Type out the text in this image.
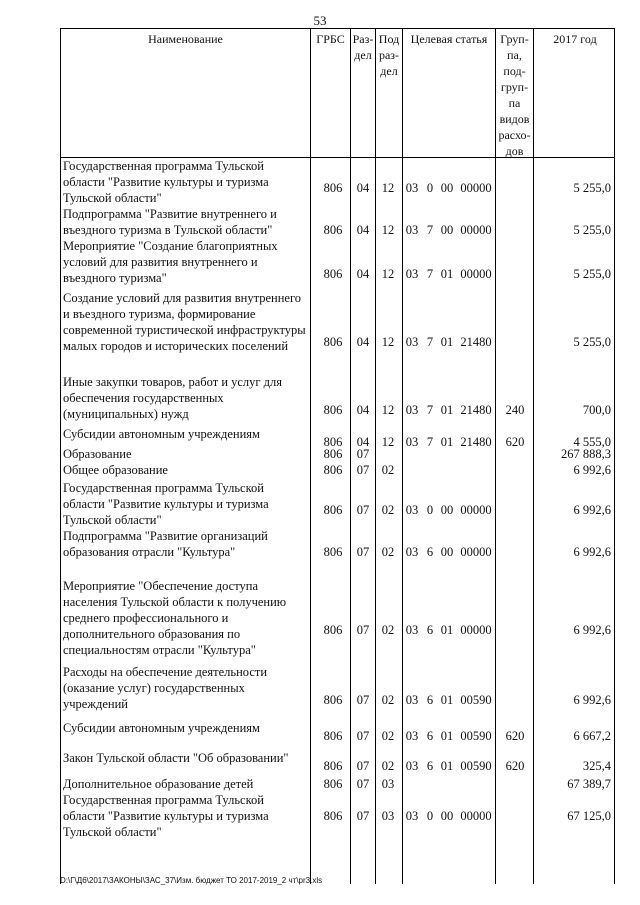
53
Наименование	ГРБС Раз-
дел
Под
раз-
дел
Целевая статья	Груп-
па,
под-
груп-
па
видов
расхо-
дов
2017 год
Государственная программа Тульской области "Развитие культуры и туризма Тульской области"
806	04	12 03 0 00 00000	5 255,0
Подпрограмма "Развитие внутреннего и въездного туризма в Тульской области"	806	04	12 03 7 00 00000	5 255,0
Мероприятие "Создание благоприятных условий для развития внутреннего и въездного туризма"	806	04	12 03 7 01 00000	5 255,0
Создание условий для развития внутреннего и въездного туризма, формирование современной туристической инфраструктуры малых городов и исторических поселений	806	04	12 03 7 01 21480	5 255,0
Иные закупки товаров, работ и услуг для обеспечения государственных (муниципальных) нужд	806	04	12 03 7 01 21480	240	700,0
Субсидии автономным учреждениям
806	04	12 03 7 01 21480	620	4 555,0
Образование	806	07	267 888,3
Общее образование	806	07	02	6 992,6
Государственная программа Тульской области "Развитие культуры и туризма Тульской области"
806	07	02 03 0 00 00000	6 992,6
Подпрограмма "Развитие организаций образования отрасли "Культура"	806	07	02 03 6 00 00000	6 992,6
Мероприятие "Обеспечение доступа населения Тульской области к получению среднего профессионального и дополнительного образования по специальностям отрасли "Культура"
806	07	02 03 6 01 00000	6 992,6
Расходы на обеспечение деятельности (оказание услуг) государственных учреждений	806	07	02 03 6 01 00590	6 992,6
Субсидии автономным учреждениям
806	07	02 03 6 01 00590	620	6 667,2
Закон Тульской области "Об образовании"
806	07	02 03 6 01 00590	620	325,4
Дополнительное образование детей	806	07	03	67 389,7
Государственная программа Тульской области "Развитие культуры и туризма Тульской области"
806	07	03 03 0 00 00000	67 125,0
D:\Г\Д6\2017\ЗАКОНЫ\ЗАС_37\Изм. бюджет ТО 2017-2019_2 чт\pr3.xls
